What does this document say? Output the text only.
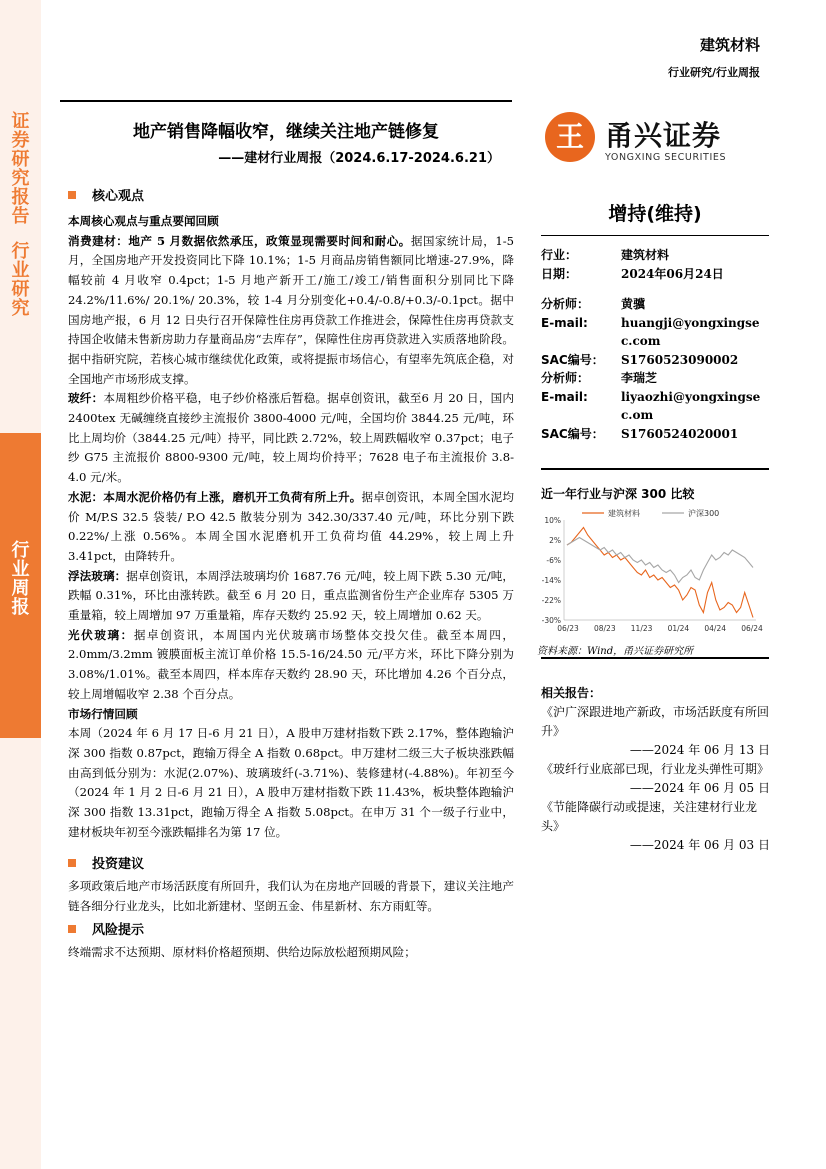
证
券
研
究
报
告
行
业
研
究
行
业
周
报
建筑材料
行业研究/行业周报
地产销售降幅收窄，继续关注地产链修复
——建材行业周报（2024.6.17-2024.6.21）
王 甬兴证券
YONGXING SECURITIES
核心观点
本周核心观点与重点要闻回顾
消费建材：地产 5 月数据依然承压，政策显现需要时间和耐心。据国家统计局，1-5 月，全国房地产开发投资同比下降 10.1%；1-5 月商品房销售额同比增速-27.9%，降幅较前 4 月收窄 0.4pct；1-5 月地产新开工/施工/竣工/销售面积分别同比下降 24.2%/11.6%/ 20.1%/ 20.3%，较 1-4 月分别变化+0.4/-0.8/+0.3/-0.1pct。据中国房地产报，6 月 12 日央行召开保障性住房再贷款工作推进会，保障性住房再贷款支持国企收储未售新房助力存量商品房“去库存”，保障性住房再贷款进入实质落地阶段。据中指研究院，若核心城市继续优化政策，或将提振市场信心，有望率先筑底企稳，对全国地产市场形成支撑。
玻纤：本周粗纱价格平稳，电子纱价格涨后暂稳。据卓创资讯，截至6 月 20 日，国内 2400tex 无碱缠绕直接纱主流报价 3800-4000 元/吨，全国均价 3844.25 元/吨，环比上周均价（3844.25 元/吨）持平，同比跌 2.72%，较上周跌幅收窄 0.37pct；电子纱 G75 主流报价 8800-9300 元/吨，较上周均价持平；7628 电子布主流报价 3.8-4.0 元/米。
水泥：本周水泥价格仍有上涨，磨机开工负荷有所上升。据卓创资讯，本周全国水泥均价 M/P.S 32.5 袋装/ P.O 42.5 散装分别为 342.30/337.40 元/吨，环比分别下跌 0.22%/上涨 0.56%。本周全国水泥磨机开工负荷均值 44.29%，较上周上升 3.41pct，由降转升。
浮法玻璃：据卓创资讯，本周浮法玻璃均价 1687.76 元/吨，较上周下跌 5.30 元/吨，跌幅 0.31%，环比由涨转跌。截至 6 月 20 日，重点监测省份生产企业库存 5305 万重量箱，较上周增加 97 万重量箱，库存天数约 25.92 天，较上周增加 0.62 天。
光伏玻璃：据卓创资讯，本周国内光伏玻璃市场整体交投欠佳。截至本周四，2.0mm/3.2mm 镀膜面板主流订单价格 15.5-16/24.50 元/平方米，环比下降分别为 3.08%/1.01%。截至本周四，样本库存天数约 28.90 天，环比增加 4.26 个百分点，较上周增幅收窄 2.38 个百分点。
市场行情回顾
本周（2024 年 6 月 17 日-6 月 21 日），A 股申万建材指数下跌 2.17%，整体跑输沪深 300 指数 0.87pct，跑输万得全 A 指数 0.68pct。申万建材二级三大子板块涨跌幅由高到低分别为：水泥(2.07%)、玻璃玻纤(-3.71%)、装修建材(-4.88%)。年初至今（2024 年 1 月 2 日-6 月 21 日），A 股申万建材指数下跌 11.43%，板块整体跑输沪深 300 指数 13.31pct，跑输万得全 A 指数 5.08pct。在申万 31 个一级子行业中，建材板块年初至今涨跌幅排名为第 17 位。
投资建议
多项政策后地产市场活跃度有所回升，我们认为在房地产回暖的背景下，建议关注地产链各细分行业龙头，比如北新建材、坚朗五金、伟星新材、东方雨虹等。
风险提示
终端需求不达预期、原材料价格超预期、供给边际放松超预期风险；
增持(维持)
行业：	建筑材料
日期：	2024年06月24日
分析师：	黄骥
E-mail:	huangji@yongxingsec.com
SAC编号：	S1760523090002
分析师：	李瑞芝
E-mail:	liyaozhi@yongxingsec.om
SAC编号：	S1760524020001
近一年行业与沪深 300 比较
10%
2%
-6%
-14%
-22%
-30%
06/23 08/23 11/23 01/24 04/24 06/24
建筑材料	沪深300
资料来源：Wind，甬兴证券研究所
相关报告：
《沪广深跟进地产新政，市场活跃度有所回升》
——2024 年 06 月 13 日
《玻纤行业底部已现，行业龙头弹性可期》
——2024 年 06 月 05 日
《节能降碳行动或提速，关注建材行业龙头》
——2024 年 06 月 03 日
